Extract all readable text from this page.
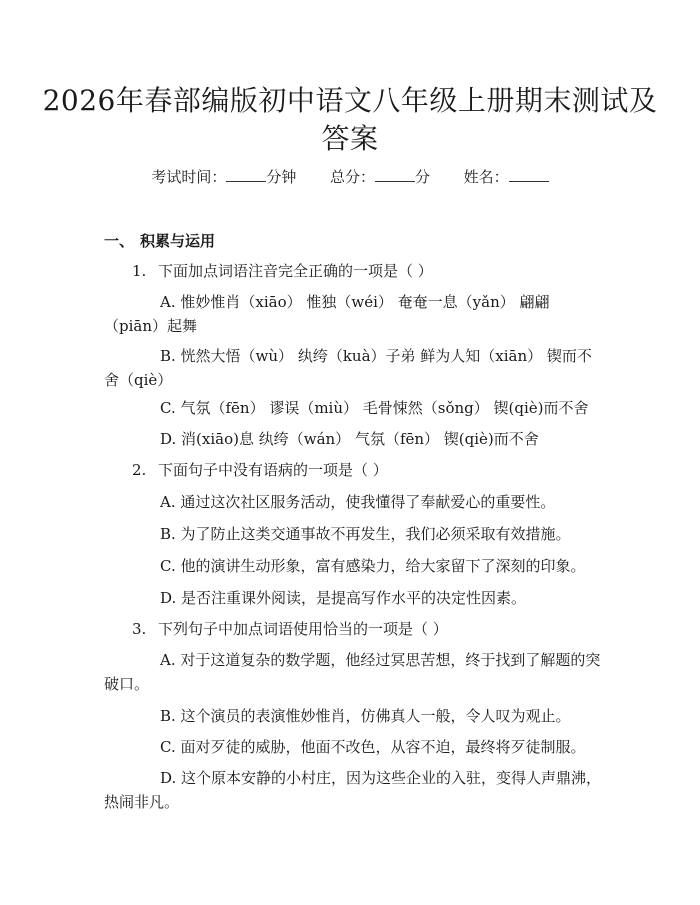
2026年春部编版初中语文八年级上册期末测试及答案
考试时间：	分钟 总分：	分 姓名：
一、 积累与运用
1. 下面加点词语注音完全正确的一项是（ ）
A. 惟妙惟肖（xiāo） 惟独（wéi） 奄奄一息（yǎn） 翩翩（piān）起舞
B. 恍然大悟（wù） 纨绔（kuà）子弟 鲜为人知（xiān） 锲而不舍（qiè）
C. 气氛（fēn） 谬误（miù） 毛骨悚然（sǒng） 锲(qiè)而不舍
D. 消(xiāo)息 纨绔（wán） 气氛（fēn） 锲(qiè)而不舍
2. 下面句子中没有语病的一项是（ ）
A. 通过这次社区服务活动，使我懂得了奉献爱心的重要性。
B. 为了防止这类交通事故不再发生，我们必须采取有效措施。
C. 他的演讲生动形象，富有感染力，给大家留下了深刻的印象。
D. 是否注重课外阅读，是提高写作水平的决定性因素。
3. 下列句子中加点词语使用恰当的一项是（ ）
A. 对于这道复杂的数学题，他经过冥思苦想，终于找到了解题的突破口。
B. 这个演员的表演惟妙惟肖，仿佛真人一般，令人叹为观止。
C. 面对歹徒的威胁，他面不改色，从容不迫，最终将歹徒制服。
D. 这个原本安静的小村庄，因为这些企业的入驻，变得人声鼎沸，热闹非凡。
